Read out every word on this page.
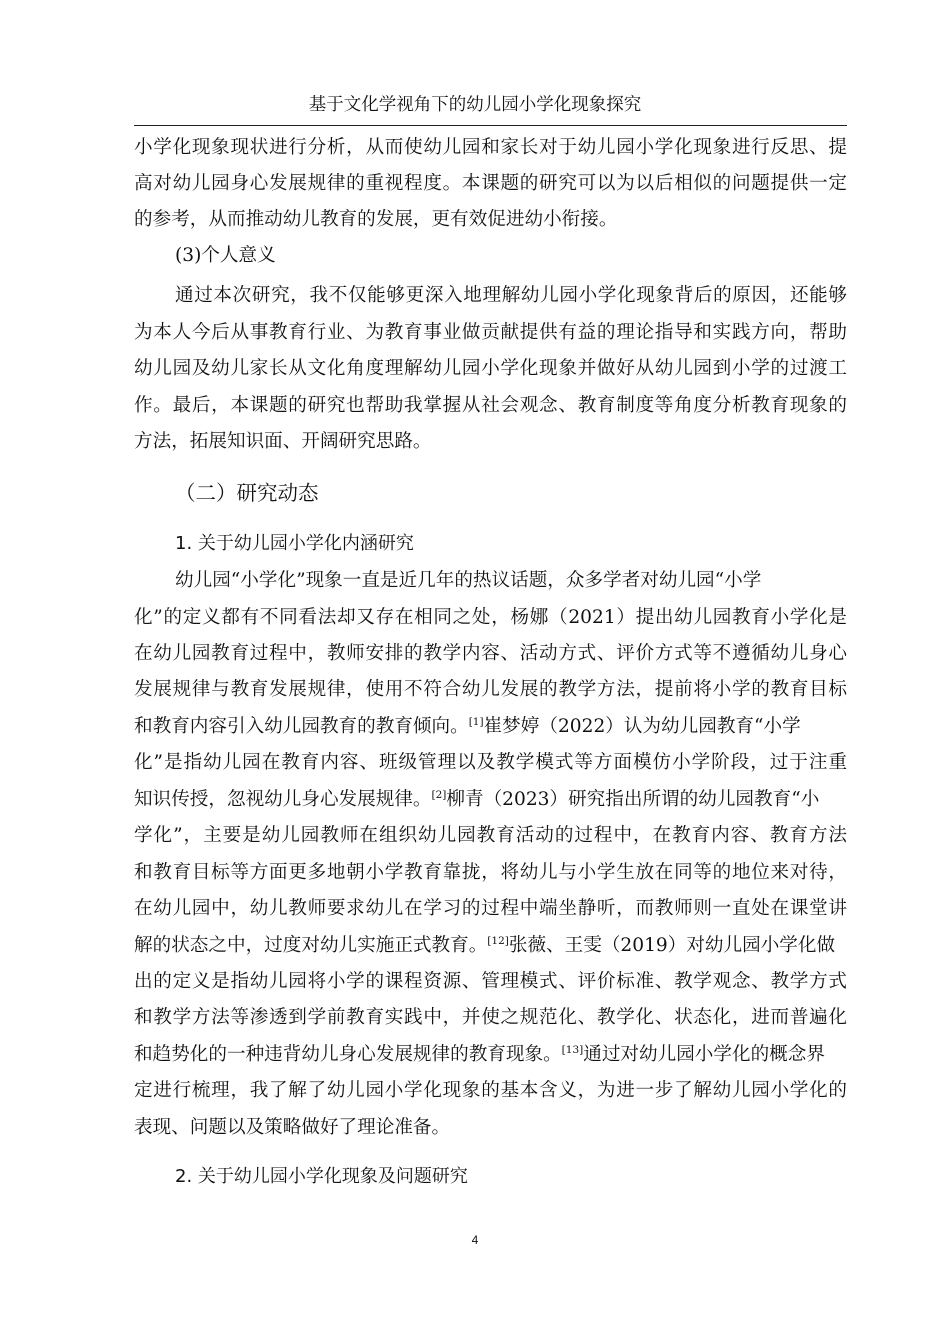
基于文化学视角下的幼儿园小学化现象探究
小学化现象现状进行分析，从而使幼儿园和家长对于幼儿园小学化现象进行反思、提
高对幼儿园身心发展规律的重视程度。本课题的研究可以为以后相似的问题提供一定
的参考，从而推动幼儿教育的发展，更有效促进幼小衔接。
(3)个人意义
通过本次研究，我不仅能够更深入地理解幼儿园小学化现象背后的原因，还能够
为本人今后从事教育行业、为教育事业做贡献提供有益的理论指导和实践方向，帮助
幼儿园及幼儿家长从文化角度理解幼儿园小学化现象并做好从幼儿园到小学的过渡工
作。最后，本课题的研究也帮助我掌握从社会观念、教育制度等角度分析教育现象的
方法，拓展知识面、开阔研究思路。
（二）研究动态
1. 关于幼儿园小学化内涵研究
幼儿园“小学化”现象一直是近几年的热议话题，众多学者对幼儿园“小学
化”的定义都有不同看法却又存在相同之处，杨娜（2021）提出幼儿园教育小学化是
在幼儿园教育过程中，教师安排的教学内容、活动方式、评价方式等不遵循幼儿身心
发展规律与教育发展规律，使用不符合幼儿发展的教学方法，提前将小学的教育目标
和教育内容引入幼儿园教育的教育倾向。[1]崔梦婷（2022）认为幼儿园教育“小学
化”是指幼儿园在教育内容、班级管理以及教学模式等方面模仿小学阶段，过于注重
知识传授，忽视幼儿身心发展规律。[2]柳青（2023）研究指出所谓的幼儿园教育“小
学化”，主要是幼儿园教师在组织幼儿园教育活动的过程中，在教育内容、教育方法
和教育目标等方面更多地朝小学教育靠拢，将幼儿与小学生放在同等的地位来对待，
在幼儿园中，幼儿教师要求幼儿在学习的过程中端坐静听，而教师则一直处在课堂讲
解的状态之中，过度对幼儿实施正式教育。[12]张薇、王雯（2019）对幼儿园小学化做
出的定义是指幼儿园将小学的课程资源、管理模式、评价标准、教学观念、教学方式
和教学方法等渗透到学前教育实践中，并使之规范化、教学化、状态化，进而普遍化
和趋势化的一种违背幼儿身心发展规律的教育现象。[13]通过对幼儿园小学化的概念界
定进行梳理，我了解了幼儿园小学化现象的基本含义，为进一步了解幼儿园小学化的
表现、问题以及策略做好了理论准备。
2. 关于幼儿园小学化现象及问题研究
4
